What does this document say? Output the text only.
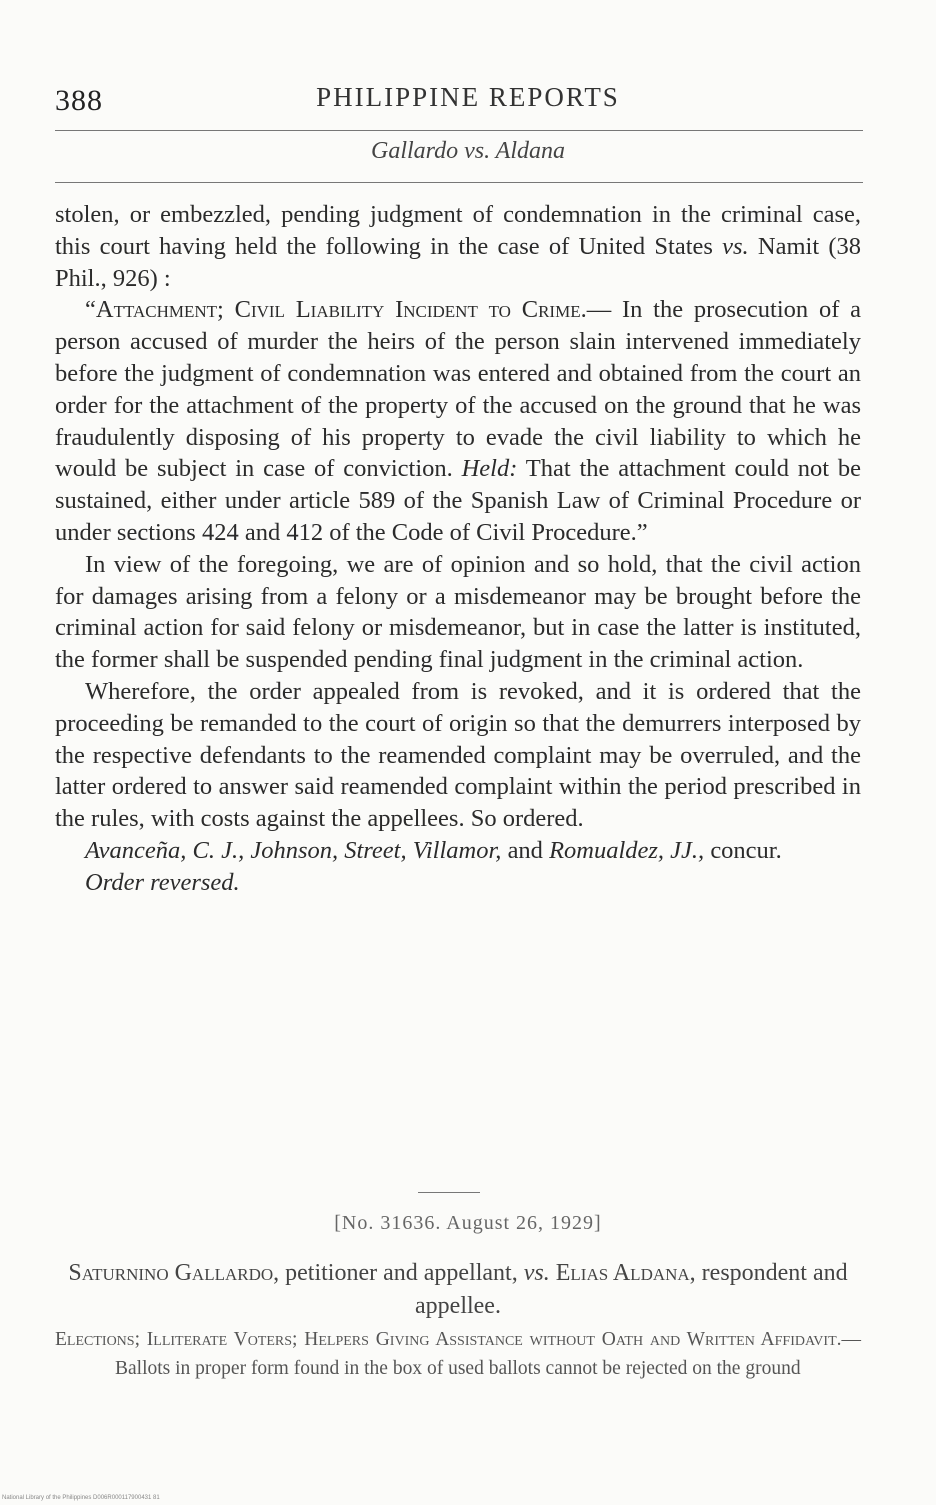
388	PHILIPPINE REPORTS
Gallardo vs. Aldana

stolen, or embezzled, pending judgment of condemnation in the criminal case, this court having held the following in the case of United States vs. Namit (38 Phil., 926) :

“Attachment; Civil Liability Incident to Crime.— In the prosecution of a person accused of murder the heirs of the person slain intervened immediately before the judgment of condemnation was entered and obtained from the court an order for the attachment of the property of the accused on the ground that he was fraudulently disposing of his property to evade the civil liability to which he would be subject in case of conviction. Held: That the attachment could not be sustained, either under article 589 of the Spanish Law of Criminal Procedure or under sections 424 and 412 of the Code of Civil Procedure.”

In view of the foregoing, we are of opinion and so hold, that the civil action for damages arising from a felony or a misdemeanor may be brought before the criminal action for said felony or misdemeanor, but in case the latter is instituted, the former shall be suspended pending final judgment in the criminal action.

Wherefore, the order appealed from is revoked, and it is ordered that the proceeding be remanded to the court of origin so that the demurrers interposed by the respective defendants to the reamended complaint may be overruled, and the latter ordered to answer said reamended complaint within the period prescribed in the rules, with costs against the appellees. So ordered.

Avanceña, C. J., Johnson, Street, Villamor, and Romualdez, JJ., concur.

Order reversed.

[No. 31636. August 26, 1929]
Saturnino Gallardo, petitioner and appellant, vs. Elias Aldana, respondent and appellee.

Elections; Illiterate Voters; Helpers Giving Assistance without Oath and Written Affidavit.—Ballots in proper form found in the box of used ballots cannot be rejected on the ground

National Library of the Philippines D006R000117900431 81
